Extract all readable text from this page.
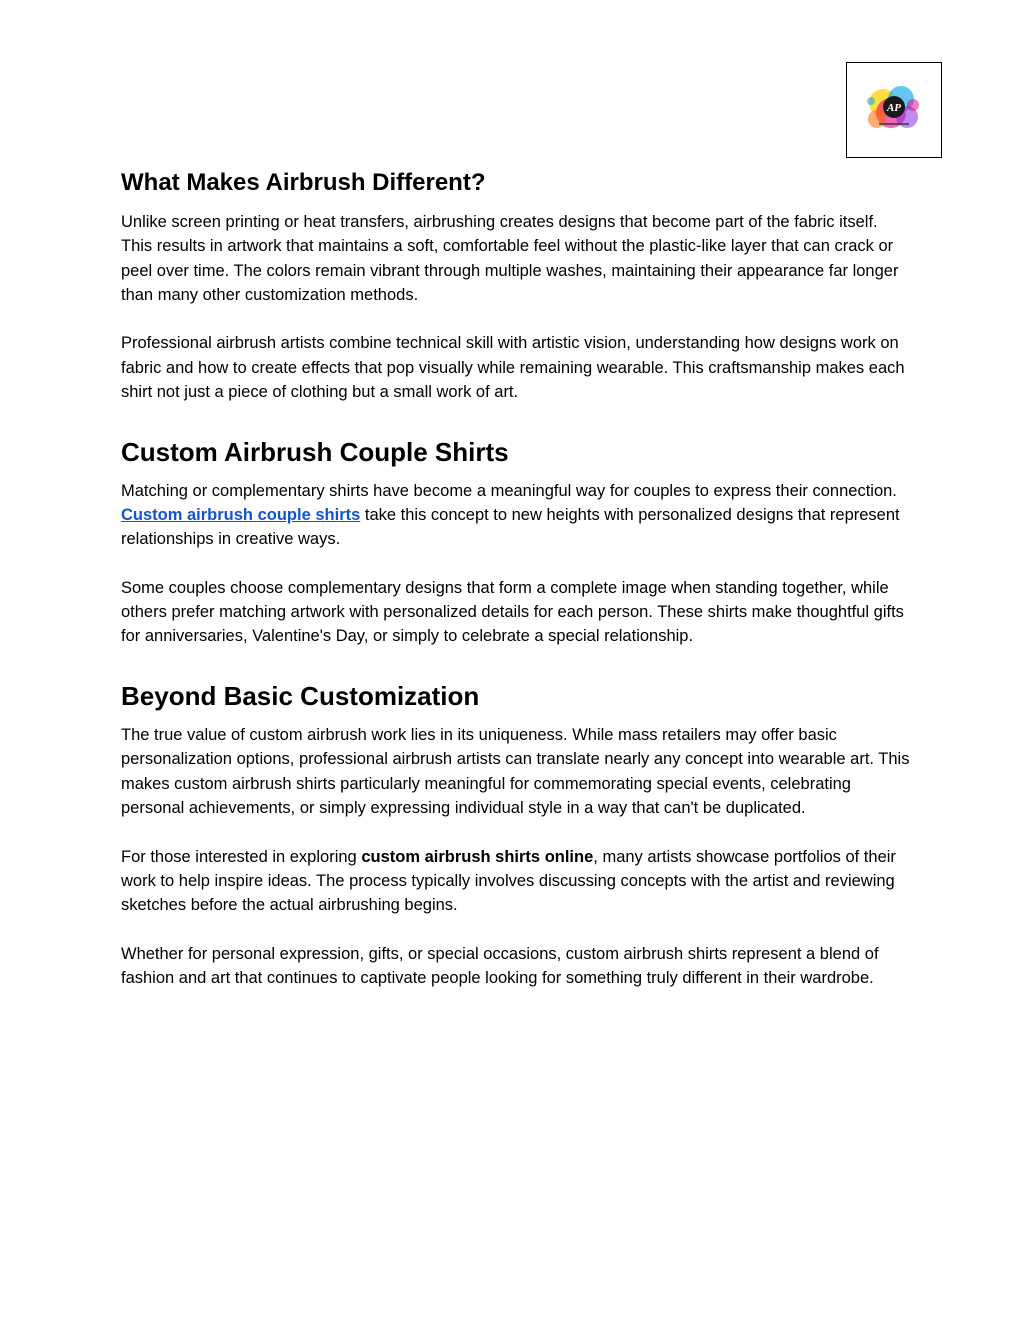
AP
What Makes Airbrush Different?

Unlike screen printing or heat transfers, airbrushing creates designs that become part of the fabric itself. This results in artwork that maintains a soft, comfortable feel without the plastic-like layer that can crack or peel over time. The colors remain vibrant through multiple washes, maintaining their appearance far longer than many other customization methods.

Professional airbrush artists combine technical skill with artistic vision, understanding how designs work on fabric and how to create effects that pop visually while remaining wearable. This craftsmanship makes each shirt not just a piece of clothing but a small work of art.

Custom Airbrush Couple Shirts

Matching or complementary shirts have become a meaningful way for couples to express their connection. Custom airbrush couple shirts take this concept to new heights with personalized designs that represent relationships in creative ways.

Some couples choose complementary designs that form a complete image when standing together, while others prefer matching artwork with personalized details for each person. These shirts make thoughtful gifts for anniversaries, Valentine's Day, or simply to celebrate a special relationship.

Beyond Basic Customization

The true value of custom airbrush work lies in its uniqueness. While mass retailers may offer basic personalization options, professional airbrush artists can translate nearly any concept into wearable art. This makes custom airbrush shirts particularly meaningful for commemorating special events, celebrating personal achievements, or simply expressing individual style in a way that can't be duplicated.

For those interested in exploring custom airbrush shirts online, many artists showcase portfolios of their work to help inspire ideas. The process typically involves discussing concepts with the artist and reviewing sketches before the actual airbrushing begins.

Whether for personal expression, gifts, or special occasions, custom airbrush shirts represent a blend of fashion and art that continues to captivate people looking for something truly different in their wardrobe.
